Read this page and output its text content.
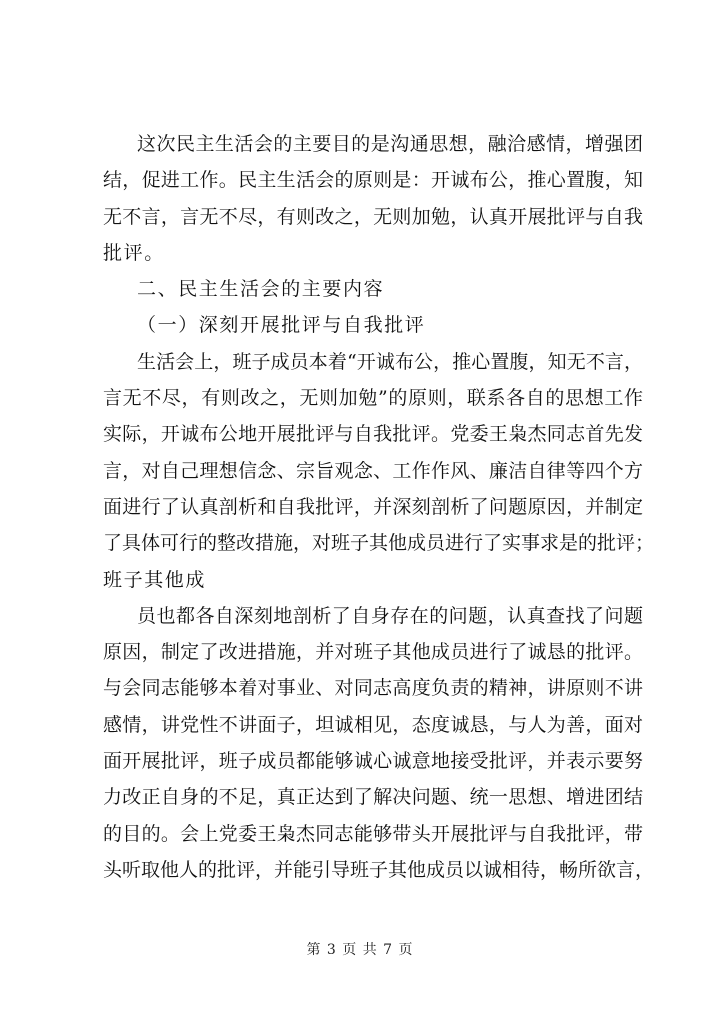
这次民主生活会的主要目的是沟通思想，融洽感情，增强团
结，促进工作。民主生活会的原则是：开诚布公，推心置腹，知
无不言，言无不尽，有则改之，无则加勉，认真开展批评与自我
批评。
二、民主生活会的主要内容
（一）深刻开展批评与自我批评
生活会上，班子成员本着“开诚布公，推心置腹，知无不言，
言无不尽，有则改之，无则加勉”的原则，联系各自的思想工作
实际，开诚布公地开展批评与自我批评。党委王枭杰同志首先发
言，对自己理想信念、宗旨观念、工作作风、廉洁自律等四个方
面进行了认真剖析和自我批评，并深刻剖析了问题原因，并制定
了具体可行的整改措施，对班子其他成员进行了实事求是的批评；
班子其他成
员也都各自深刻地剖析了自身存在的问题，认真查找了问题
原因，制定了改进措施，并对班子其他成员进行了诚恳的批评。
与会同志能够本着对事业、对同志高度负责的精神，讲原则不讲
感情，讲党性不讲面子，坦诚相见，态度诚恳，与人为善，面对
面开展批评，班子成员都能够诚心诚意地接受批评，并表示要努
力改正自身的不足，真正达到了解决问题、统一思想、增进团结
的目的。会上党委王枭杰同志能够带头开展批评与自我批评，带
头听取他人的批评，并能引导班子其他成员以诚相待，畅所欲言，
第 3 页 共 7 页
